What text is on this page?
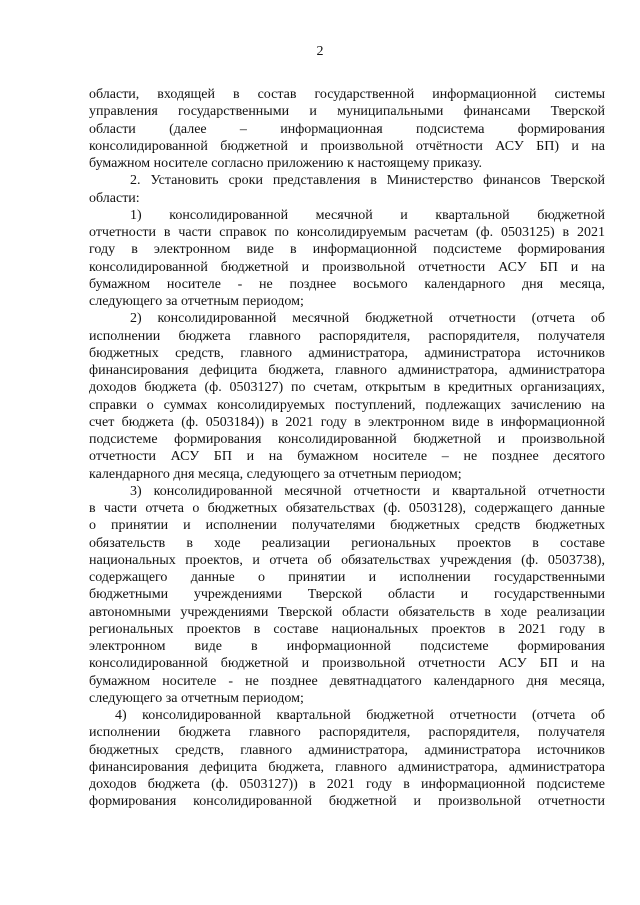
2
области, входящей в состав государственной информационной системы
управления государственными и муниципальными финансами Тверской
области (далее – информационная подсистема формирования
консолидированной бюджетной и произвольной отчётности АСУ БП) и на
бумажном носителе согласно приложению к настоящему приказу.
2. Установить сроки представления в Министерство финансов Тверской
области:
1) консолидированной месячной и квартальной бюджетной
отчетности в части справок по консолидируемым расчетам (ф. 0503125) в 2021
году в электронном виде в информационной подсистеме формирования
консолидированной бюджетной и произвольной отчетности АСУ БП и на
бумажном носителе - не позднее восьмого календарного дня месяца,
следующего за отчетным периодом;
2) консолидированной месячной бюджетной отчетности (отчета об
исполнении бюджета главного распорядителя, распорядителя, получателя
бюджетных средств, главного администратора, администратора источников
финансирования дефицита бюджета, главного администратора, администратора
доходов бюджета (ф. 0503127) по счетам, открытым в кредитных организациях,
справки о суммах консолидируемых поступлений, подлежащих зачислению на
счет бюджета (ф. 0503184)) в 2021 году в электронном виде в информационной
подсистеме формирования консолидированной бюджетной и произвольной
отчетности АСУ БП и на бумажном носителе – не позднее десятого
календарного дня месяца, следующего за отчетным периодом;
3) консолидированной месячной отчетности и квартальной отчетности
в части отчета о бюджетных обязательствах (ф. 0503128), содержащего данные
о принятии и исполнении получателями бюджетных средств бюджетных
обязательств в ходе реализации региональных проектов в составе
национальных проектов, и отчета об обязательствах учреждения (ф. 0503738),
содержащего данные о принятии и исполнении государственными
бюджетными учреждениями Тверской области и государственными
автономными учреждениями Тверской области обязательств в ходе реализации
региональных проектов в составе национальных проектов в 2021 году в
электронном виде в информационной подсистеме формирования
консолидированной бюджетной и произвольной отчетности АСУ БП и на
бумажном носителе - не позднее девятнадцатого календарного дня месяца,
следующего за отчетным периодом;
4) консолидированной квартальной бюджетной отчетности (отчета об
исполнении бюджета главного распорядителя, распорядителя, получателя
бюджетных средств, главного администратора, администратора источников
финансирования дефицита бюджета, главного администратора, администратора
доходов бюджета (ф. 0503127)) в 2021 году в информационной подсистеме
формирования консолидированной бюджетной и произвольной отчетности
